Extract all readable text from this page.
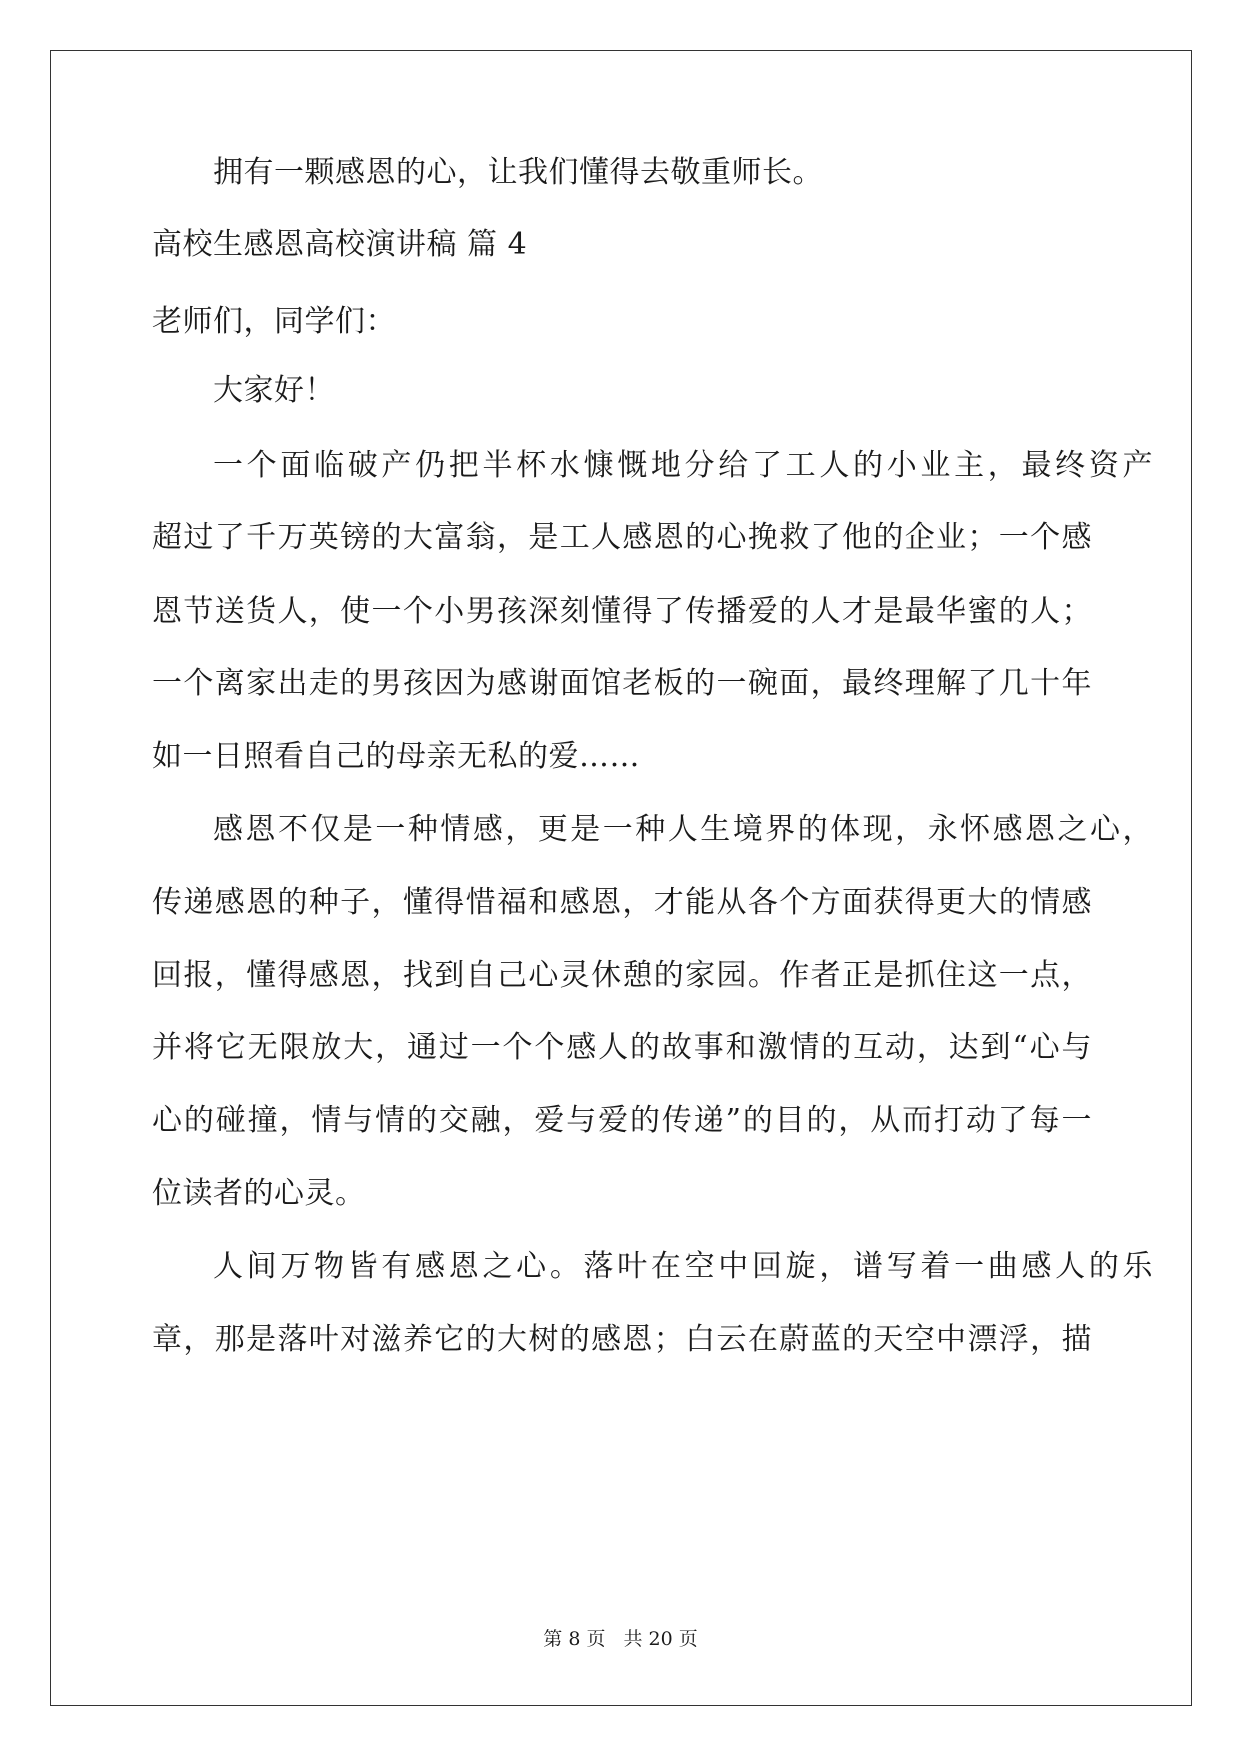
拥有一颗感恩的心，让我们懂得去敬重师长。
高校生感恩高校演讲稿 篇 4
老师们，同学们：
大家好！
一个面临破产仍把半杯水慷慨地分给了工人的小业主，最终资产
超过了千万英镑的大富翁，是工人感恩的心挽救了他的企业；一个感
恩节送货人，使一个小男孩深刻懂得了传播爱的人才是最华蜜的人；
一个离家出走的男孩因为感谢面馆老板的一碗面，最终理解了几十年
如一日照看自己的母亲无私的爱……
感恩不仅是一种情感，更是一种人生境界的体现，永怀感恩之心，
传递感恩的种子，懂得惜福和感恩，才能从各个方面获得更大的情感
回报，懂得感恩，找到自己心灵休憩的家园。作者正是抓住这一点，
并将它无限放大，通过一个个感人的故事和激情的互动，达到“心与
心的碰撞，情与情的交融，爱与爱的传递”的目的，从而打动了每一
位读者的心灵。
人间万物皆有感恩之心。落叶在空中回旋，谱写着一曲感人的乐
章，那是落叶对滋养它的大树的感恩；白云在蔚蓝的天空中漂浮，描
第 8 页 共 20 页
